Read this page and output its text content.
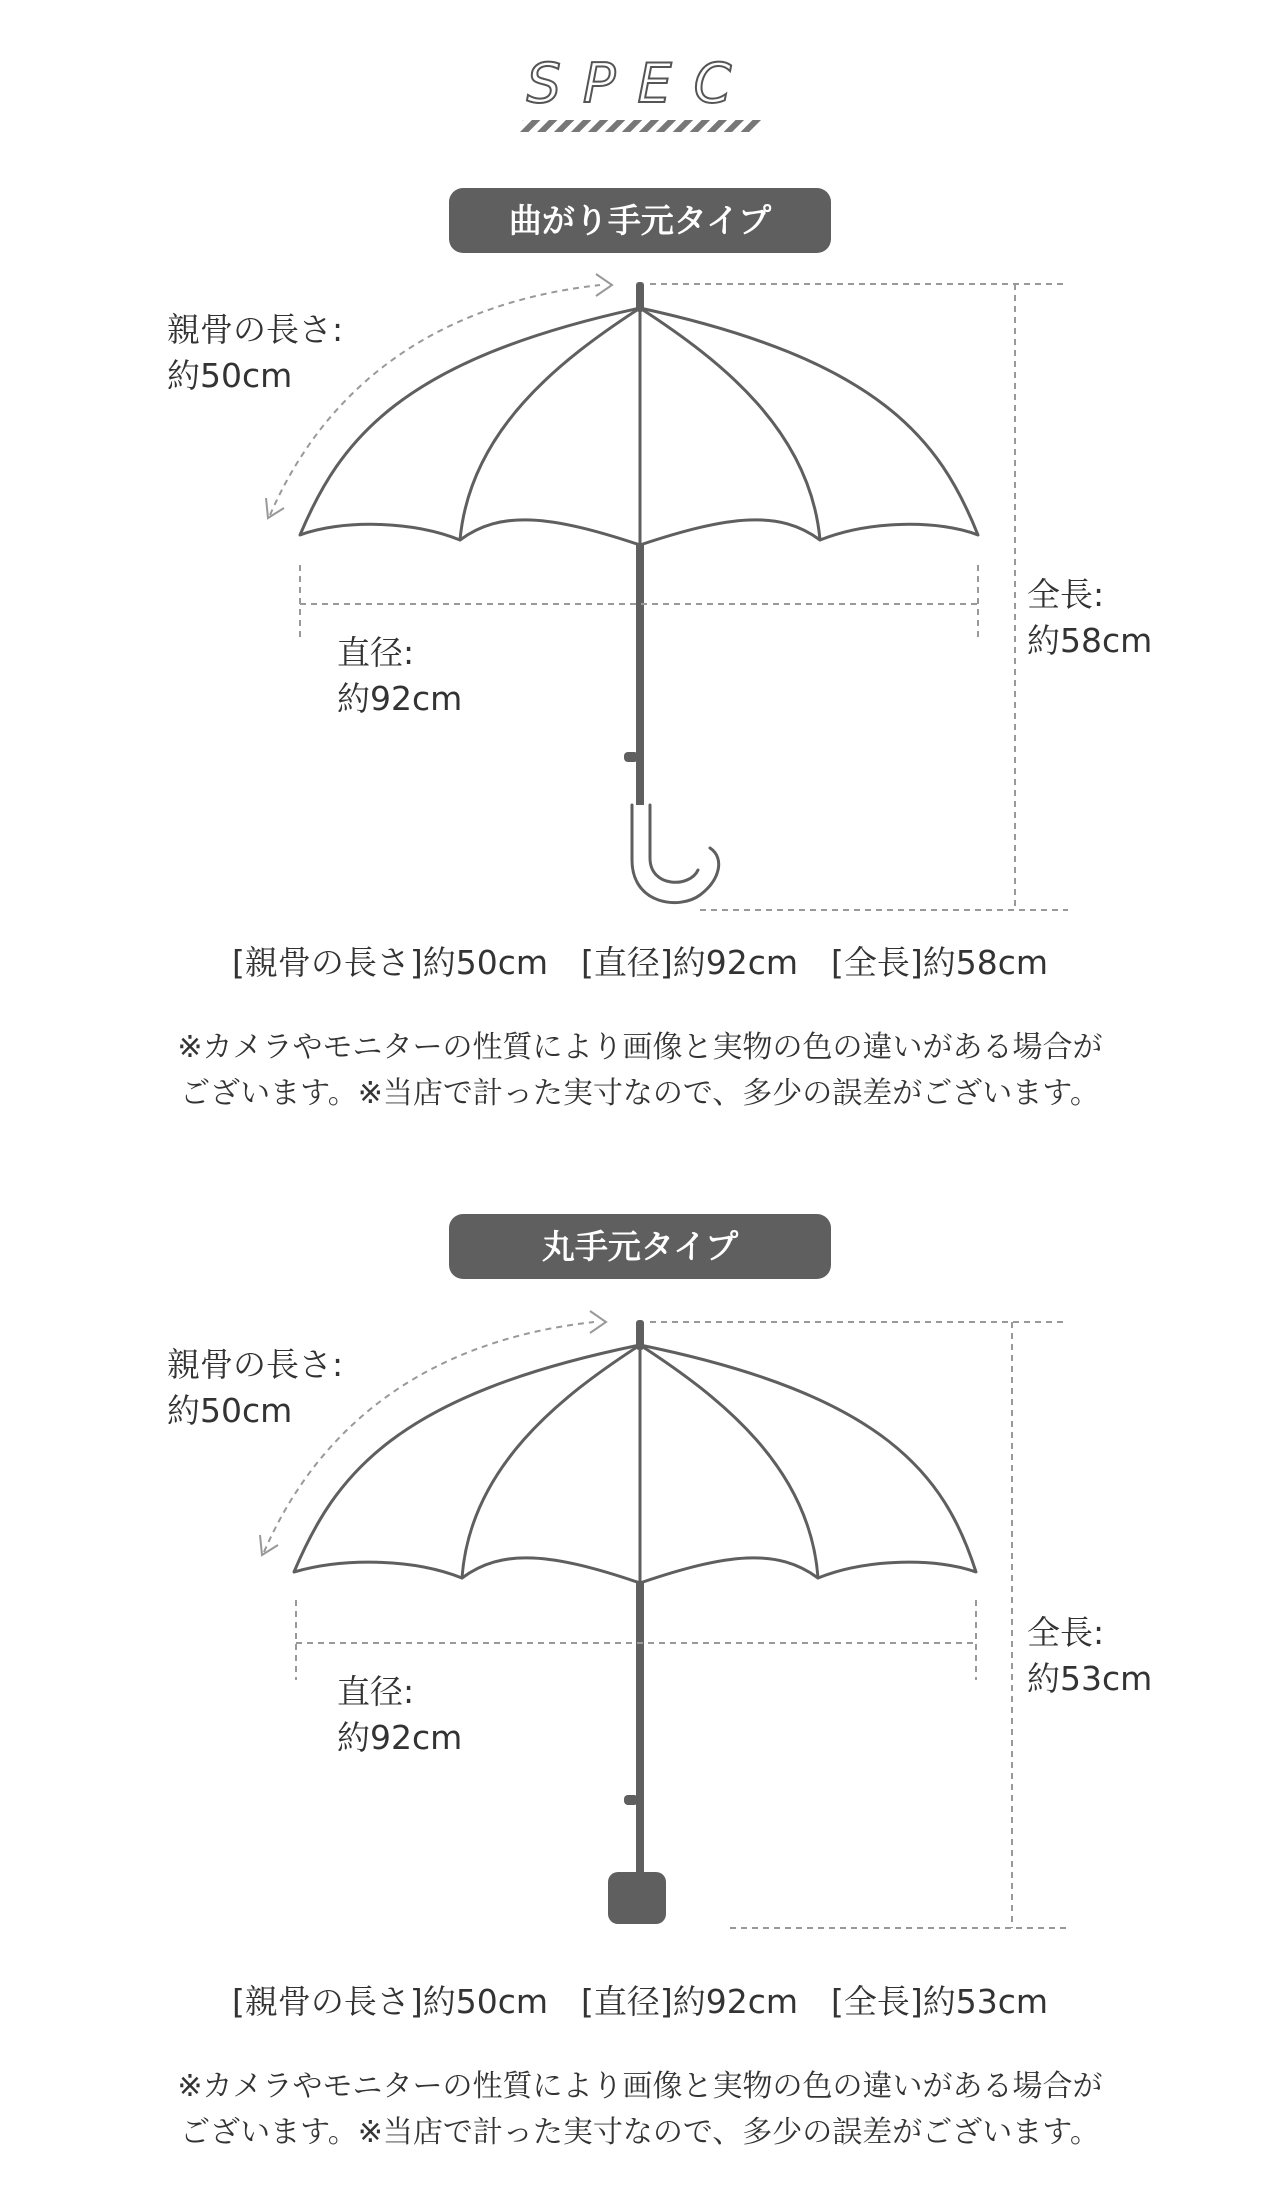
SPEC
曲がり手元タイプ
親骨の長さ:
約50cm
直径:
約92cm
全長:
約58cm
[親骨の長さ]約50cm　[直径]約92cm　[全長]約58cm
※カメラやモニターの性質により画像と実物の色の違いがある場合が
ございます。※当店で計った実寸なので、多少の誤差がございます。
丸手元タイプ
親骨の長さ:
約50cm
直径:
約92cm
全長:
約53cm
[親骨の長さ]約50cm　[直径]約92cm　[全長]約53cm
※カメラやモニターの性質により画像と実物の色の違いがある場合が
ございます。※当店で計った実寸なので、多少の誤差がございます。
